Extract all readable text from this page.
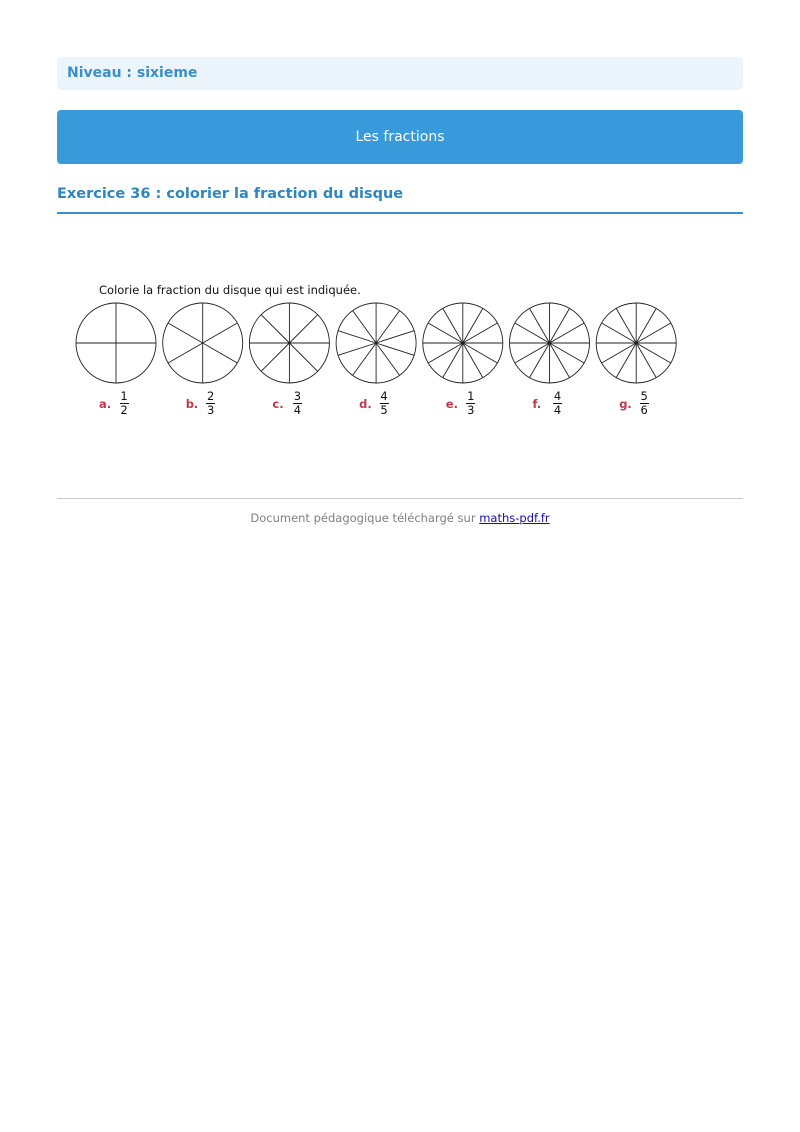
Niveau : sixieme
Les fractions
Exercice 36 : colorier la fraction du disque
Colorie la fraction du disque qui est indiquée.
a.
1
2	b.
2
3	c.
3
4	d.
4
5	e.
1
3	f.
4
4	g.
5
6
Document pédagogique téléchargé sur maths-pdf.fr
